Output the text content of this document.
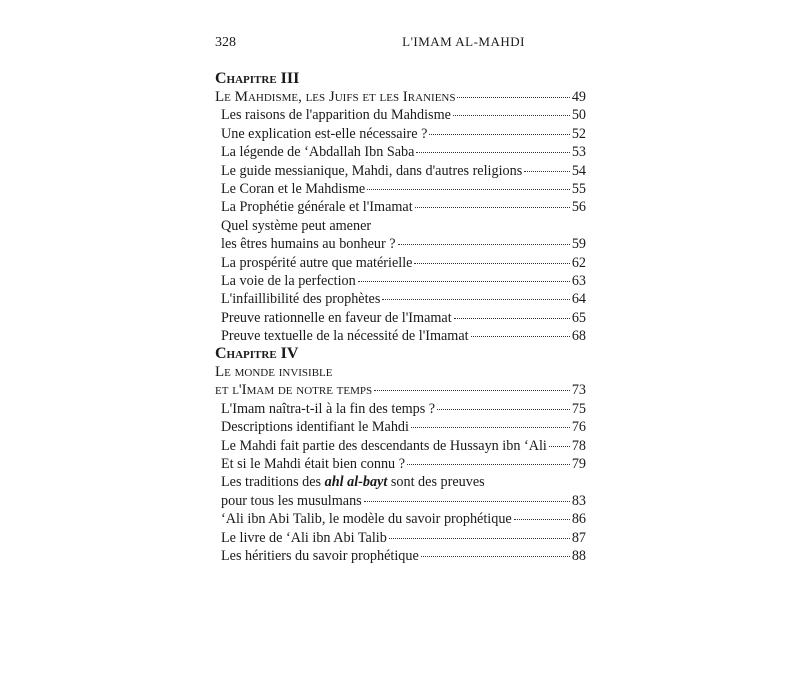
328	L'IMAM AL-MAHDI
Chapitre III
Le Mahdisme, les Juifs et les Iraniens	49
Les raisons de l'apparition du Mahdisme	50
Une explication est-elle nécessaire ?	52
La légende de ‘Abdallah Ibn Saba	53
Le guide messianique, Mahdi, dans d'autres religions	54
Le Coran et le Mahdisme	55
La Prophétie générale et l'Imamat	56
Quel système peut amener
les êtres humains au bonheur ?	59
La prospérité autre que matérielle	62
La voie de la perfection	63
L'infaillibilité des prophètes	64
Preuve rationnelle en faveur de l'Imamat	65
Preuve textuelle de la nécessité de l'Imamat	68
Chapitre IV
Le monde invisible
et l'Imam de notre temps	73
L'Imam naîtra-t-il à la fin des temps ?	75
Descriptions identifiant le Mahdi	76
Le Mahdi fait partie des descendants de Hussayn ibn ‘Ali 78
Et si le Mahdi était bien connu ?	79
Les traditions des ahl al-bayt sont des preuves
pour tous les musulmans	83
‘Ali ibn Abi Talib, le modèle du savoir prophétique	86
Le livre de ‘Ali ibn Abi Talib	87
Les héritiers du savoir prophétique	88
